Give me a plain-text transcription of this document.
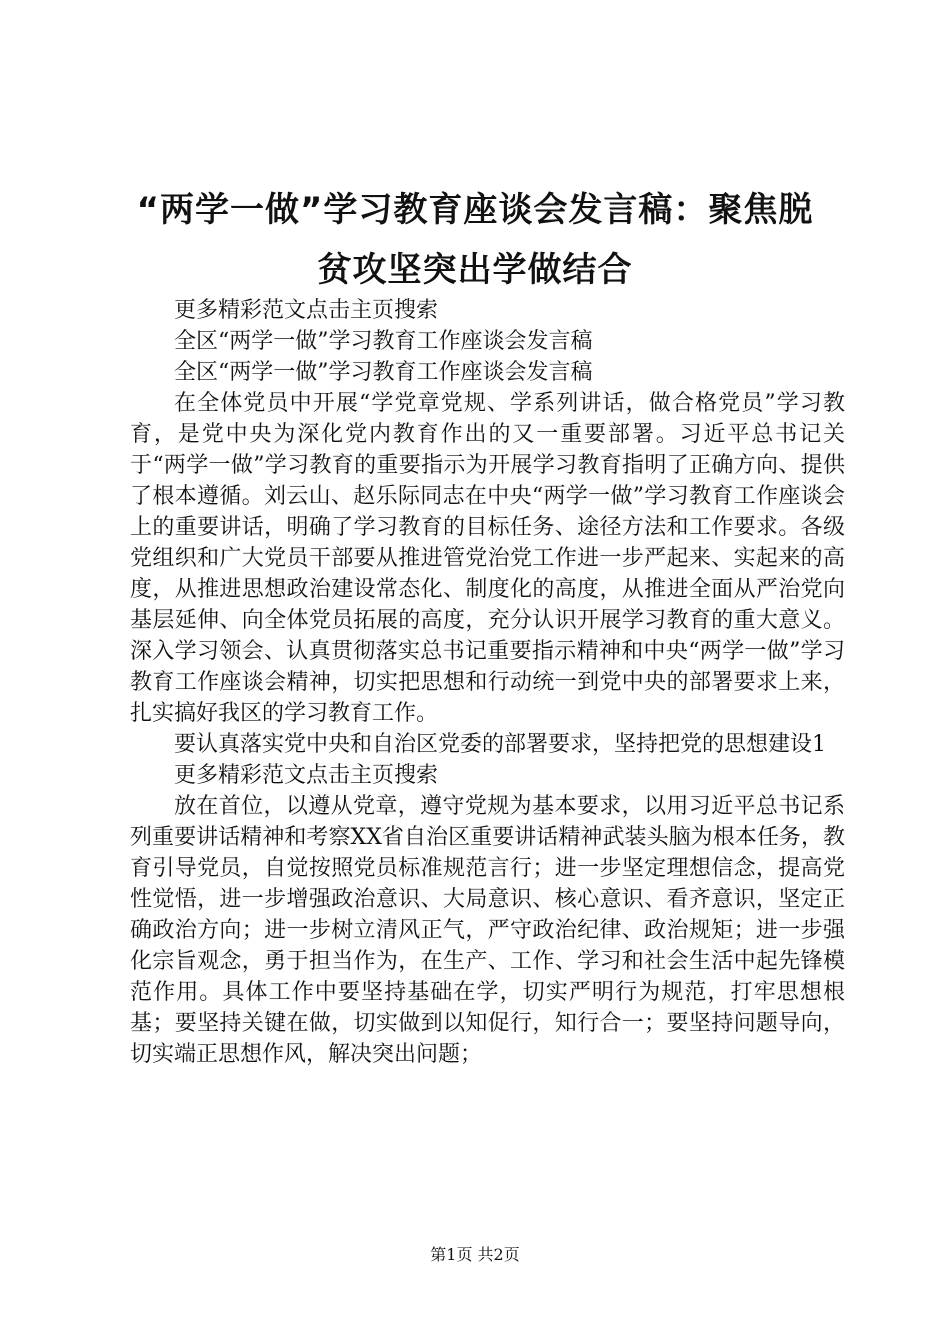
“两学一做”学习教育座谈会发言稿：聚焦脱
贫攻坚突出学做结合

更多精彩范文点击主页搜索

全区“两学一做”学习教育工作座谈会发言稿

全区“两学一做”学习教育工作座谈会发言稿

在全体党员中开展“学党章党规、学系列讲话，做合格党员”学习教育，是党中央为深化党内教育作出的又一重要部署。习近平总书记关于“两学一做”学习教育的重要指示为开展学习教育指明了正确方向、提供了根本遵循。刘云山、赵乐际同志在中央“两学一做”学习教育工作座谈会上的重要讲话，明确了学习教育的目标任务、途径方法和工作要求。各级党组织和广大党员干部要从推进管党治党工作进一步严起来、实起来的高度，从推进思想政治建设常态化、制度化的高度，从推进全面从严治党向基层延伸、向全体党员拓展的高度，充分认识开展学习教育的重大意义。深入学习领会、认真贯彻落实总书记重要指示精神和中央“两学一做”学习教育工作座谈会精神，切实把思想和行动统一到党中央的部署要求上来，扎实搞好我区的学习教育工作。

要认真落实党中央和自治区党委的部署要求，坚持把党的思想建设1

更多精彩范文点击主页搜索

放在首位，以遵从党章，遵守党规为基本要求，以用习近平总书记系列重要讲话精神和考察XX省自治区重要讲话精神武装头脑为根本任务，教育引导党员，自觉按照党员标准规范言行；进一步坚定理想信念，提高党性觉悟，进一步增强政治意识、大局意识、核心意识、看齐意识，坚定正确政治方向；进一步树立清风正气，严守政治纪律、政治规矩；进一步强化宗旨观念，勇于担当作为，在生产、工作、学习和社会生活中起先锋模范作用。具体工作中要坚持基础在学，切实严明行为规范，打牢思想根基；要坚持关键在做，切实做到以知促行，知行合一；要坚持问题导向，切实端正思想作风，解决突出问题；

第1页 共2页
